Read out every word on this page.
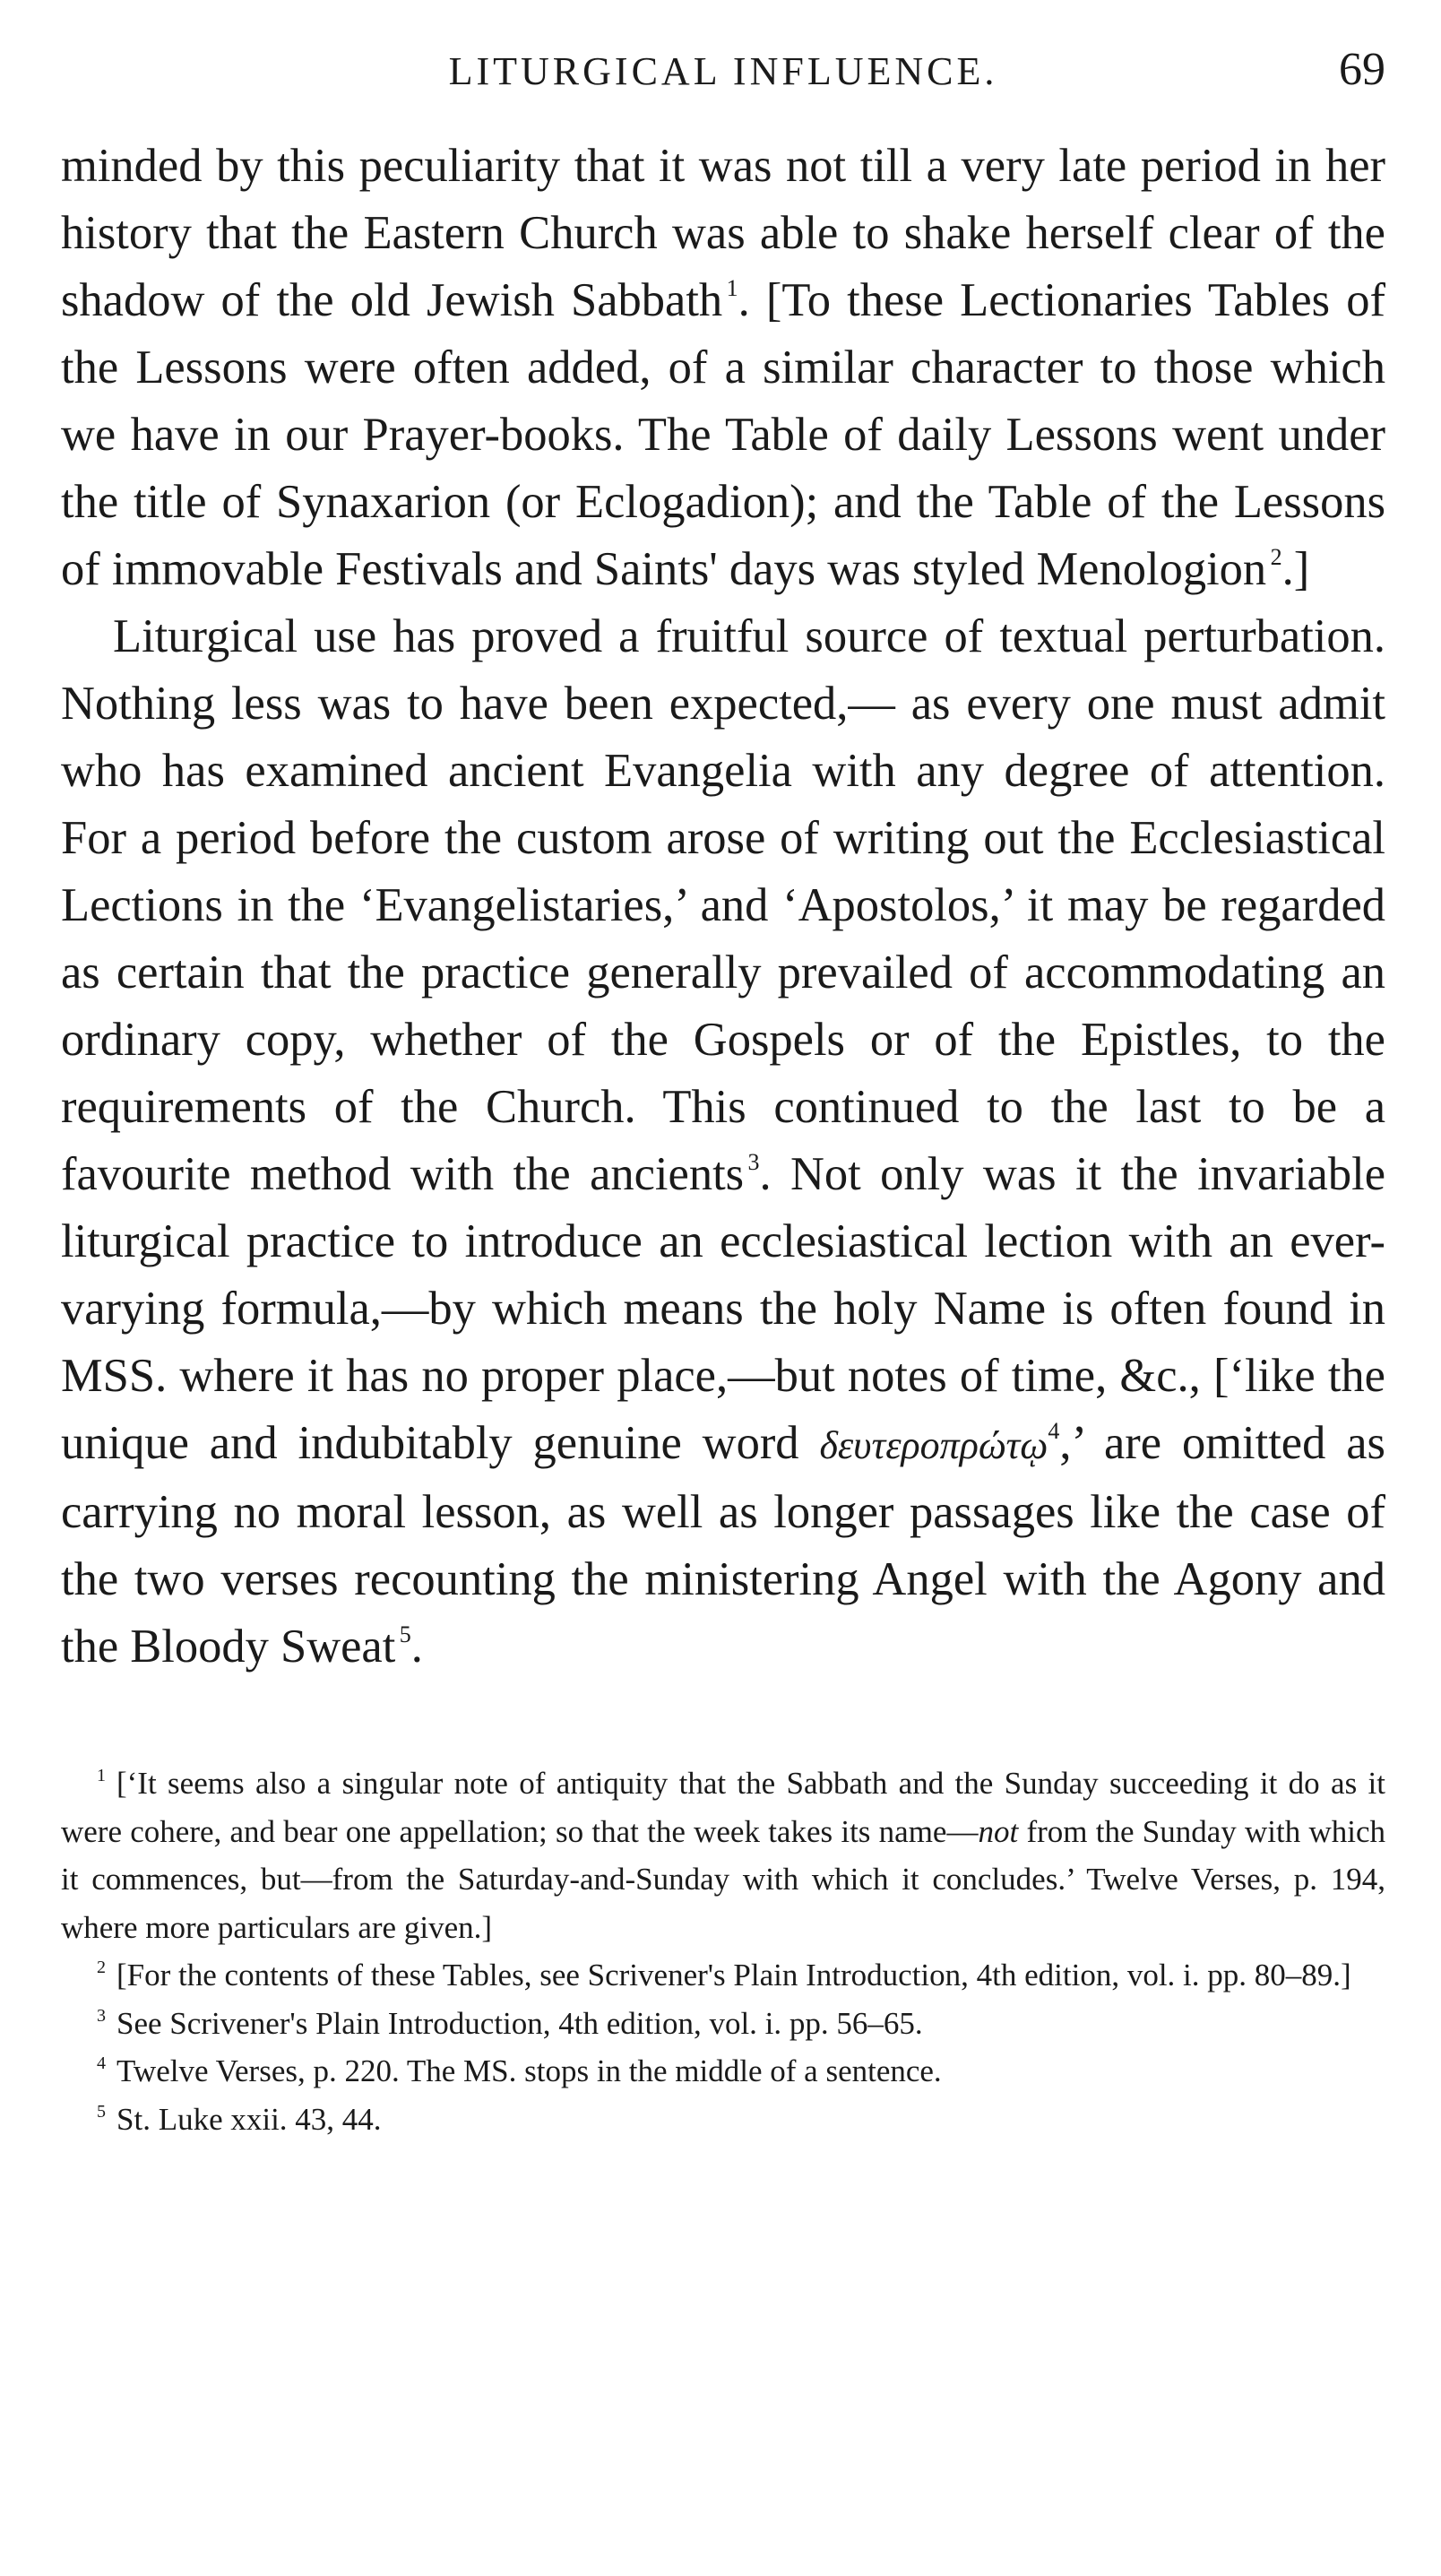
LITURGICAL INFLUENCE.	69

minded by this peculiarity that it was not till a very late period in her history that the Eastern Church was able to shake herself clear of the shadow of the old Jewish Sabbath  $^1$. [To these Lectionaries Tables of the Lessons were often added, of a similar character to those which we have in our Prayer-books. The Table of daily Lessons went under the title of Synaxarion (or Eclogadion); and the Table of the Lessons of immovable Festivals and Saints' days was styled Menologion  $^2$.]

Liturgical use has proved a fruitful source of textual perturbation. Nothing less was to have been expected,— as every one must admit who has examined ancient Evangelia with any degree of attention. For a period before the custom arose of writing out the Ecclesiastical Lections in the ‘Evangelistaries,’ and ‘Apostolos,’ it may be regarded as certain that the practice generally prevailed of accommodating an ordinary copy, whether of the Gospels or of the Epistles, to the requirements of the Church. This continued to the last to be a favourite method with the ancients  $^3$. Not only was it the invariable liturgical practice to introduce an ecclesiastical lection with an ever-varying formula,—by which means the holy Name is often found in MSS. where it has no proper place,—but notes of time, &c., [‘like the unique and indubitably genuine word δευτεροπρώτῳ$^4$,’ are omitted as carrying no moral lesson, as well as longer passages like the case of the two verses recounting the ministering Angel with the Agony and the Bloody Sweat  $^5$.

$^1$ [‘It seems also a singular note of antiquity that the Sabbath and the Sunday succeeding it do as it were cohere, and bear one appellation; so that the week takes its name—not from the Sunday with which it commences, but—from the Saturday-and-Sunday with which it concludes.’ Twelve Verses, p. 194, where more particulars are given.]

$^2$ [For the contents of these Tables, see Scrivener's Plain Introduction, 4th edition, vol. i. pp. 80–89.]

$^3$ See Scrivener's Plain Introduction, 4th edition, vol. i. pp. 56–65.

$^4$ Twelve Verses, p. 220. The MS. stops in the middle of a sentence.

$^5$ St. Luke xxii. 43, 44.
